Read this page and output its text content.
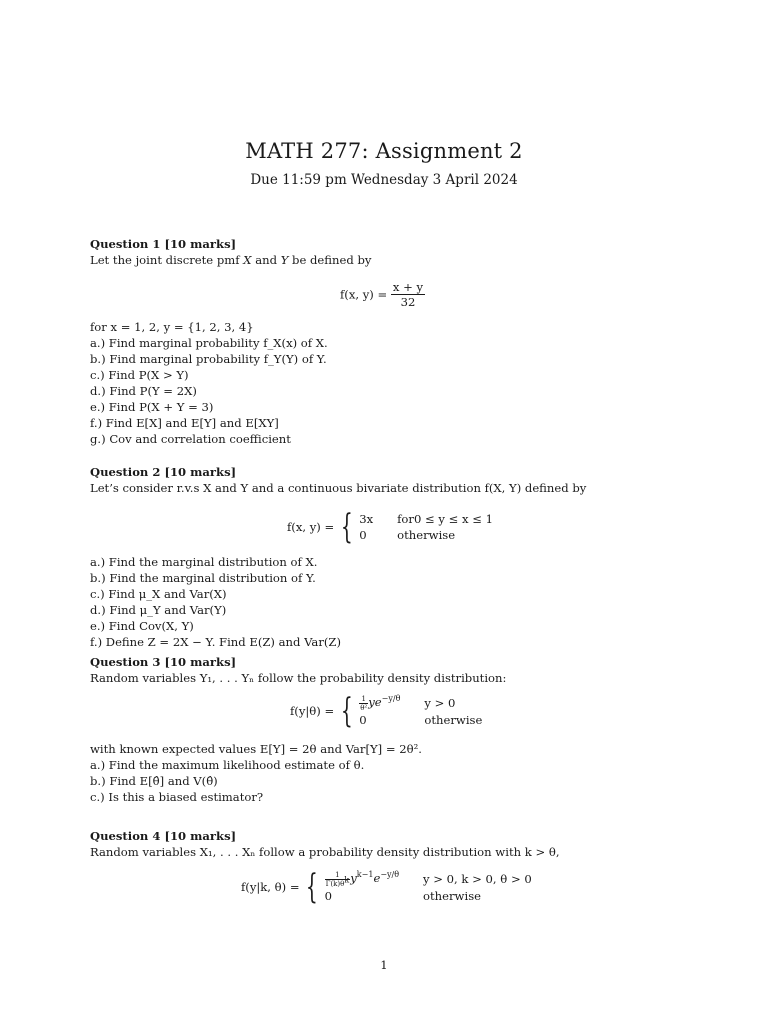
MATH 277: Assignment 2
Due 11:59 pm Wednesday 3 April 2024
Question 1 [10 marks]
Let the joint discrete pmf X and Y be defined by
f(x, $y) = \frac{x + y}{32}$
for x = 1, 2, y = {1, 2, 3, 4}
a.) Find marginal probability f_X(x) of X.
b.) Find marginal probability f_Y(Y) of Y.
c.) Find P(X > Y)
d.) Find P(Y = 2X)
e.) Find P(X + Y = 3)
f.) Find E[X] and E[Y] and E[XY]
g.) Cov and correlation coefficient
Question 2 [10 marks]
Let’s consider r.v.s X and Y and a continuous bivariate distribution f(X, Y) defined by
f(x, y) = { 3x	for0 ≤ y ≤ x ≤ 1
0	otherwise
a.) Find the marginal distribution of X.
b.) Find the marginal distribution of Y.
c.) Find μ_X and Var(X)
d.) Find μ_Y and Var(Y)
e.) Find Cov(X, Y)
f.) Define Z = 2X − Y. Find E(Z) and Var(Z)
Question 3 [10 marks]
Random variables Y₁, . . . Yₙ follow the probability density distribution:
f(y|θ) = { $\frac{1}{\text{θ²}} ye^{-y/\theta}$	y > 0
0	otherwise
with known expected values E[Y] = 2θ and Var[Y] = 2θ².
a.) Find the maximum likelihood estimate of θ.
b.) Find E[θ̂] and V(θ̂)
c.) Is this a biased estimator?
Question 4 [10 marks]
Random variables X₁, . . . Xₙ follow a probability density distribution with k > θ,
f(y|k, θ) = { $\frac{1}{\Gamma(k)\theta^k} y^{k-1}e^{-y/\theta}$	y > 0, k > 0, θ > 0
0	otherwise
1
